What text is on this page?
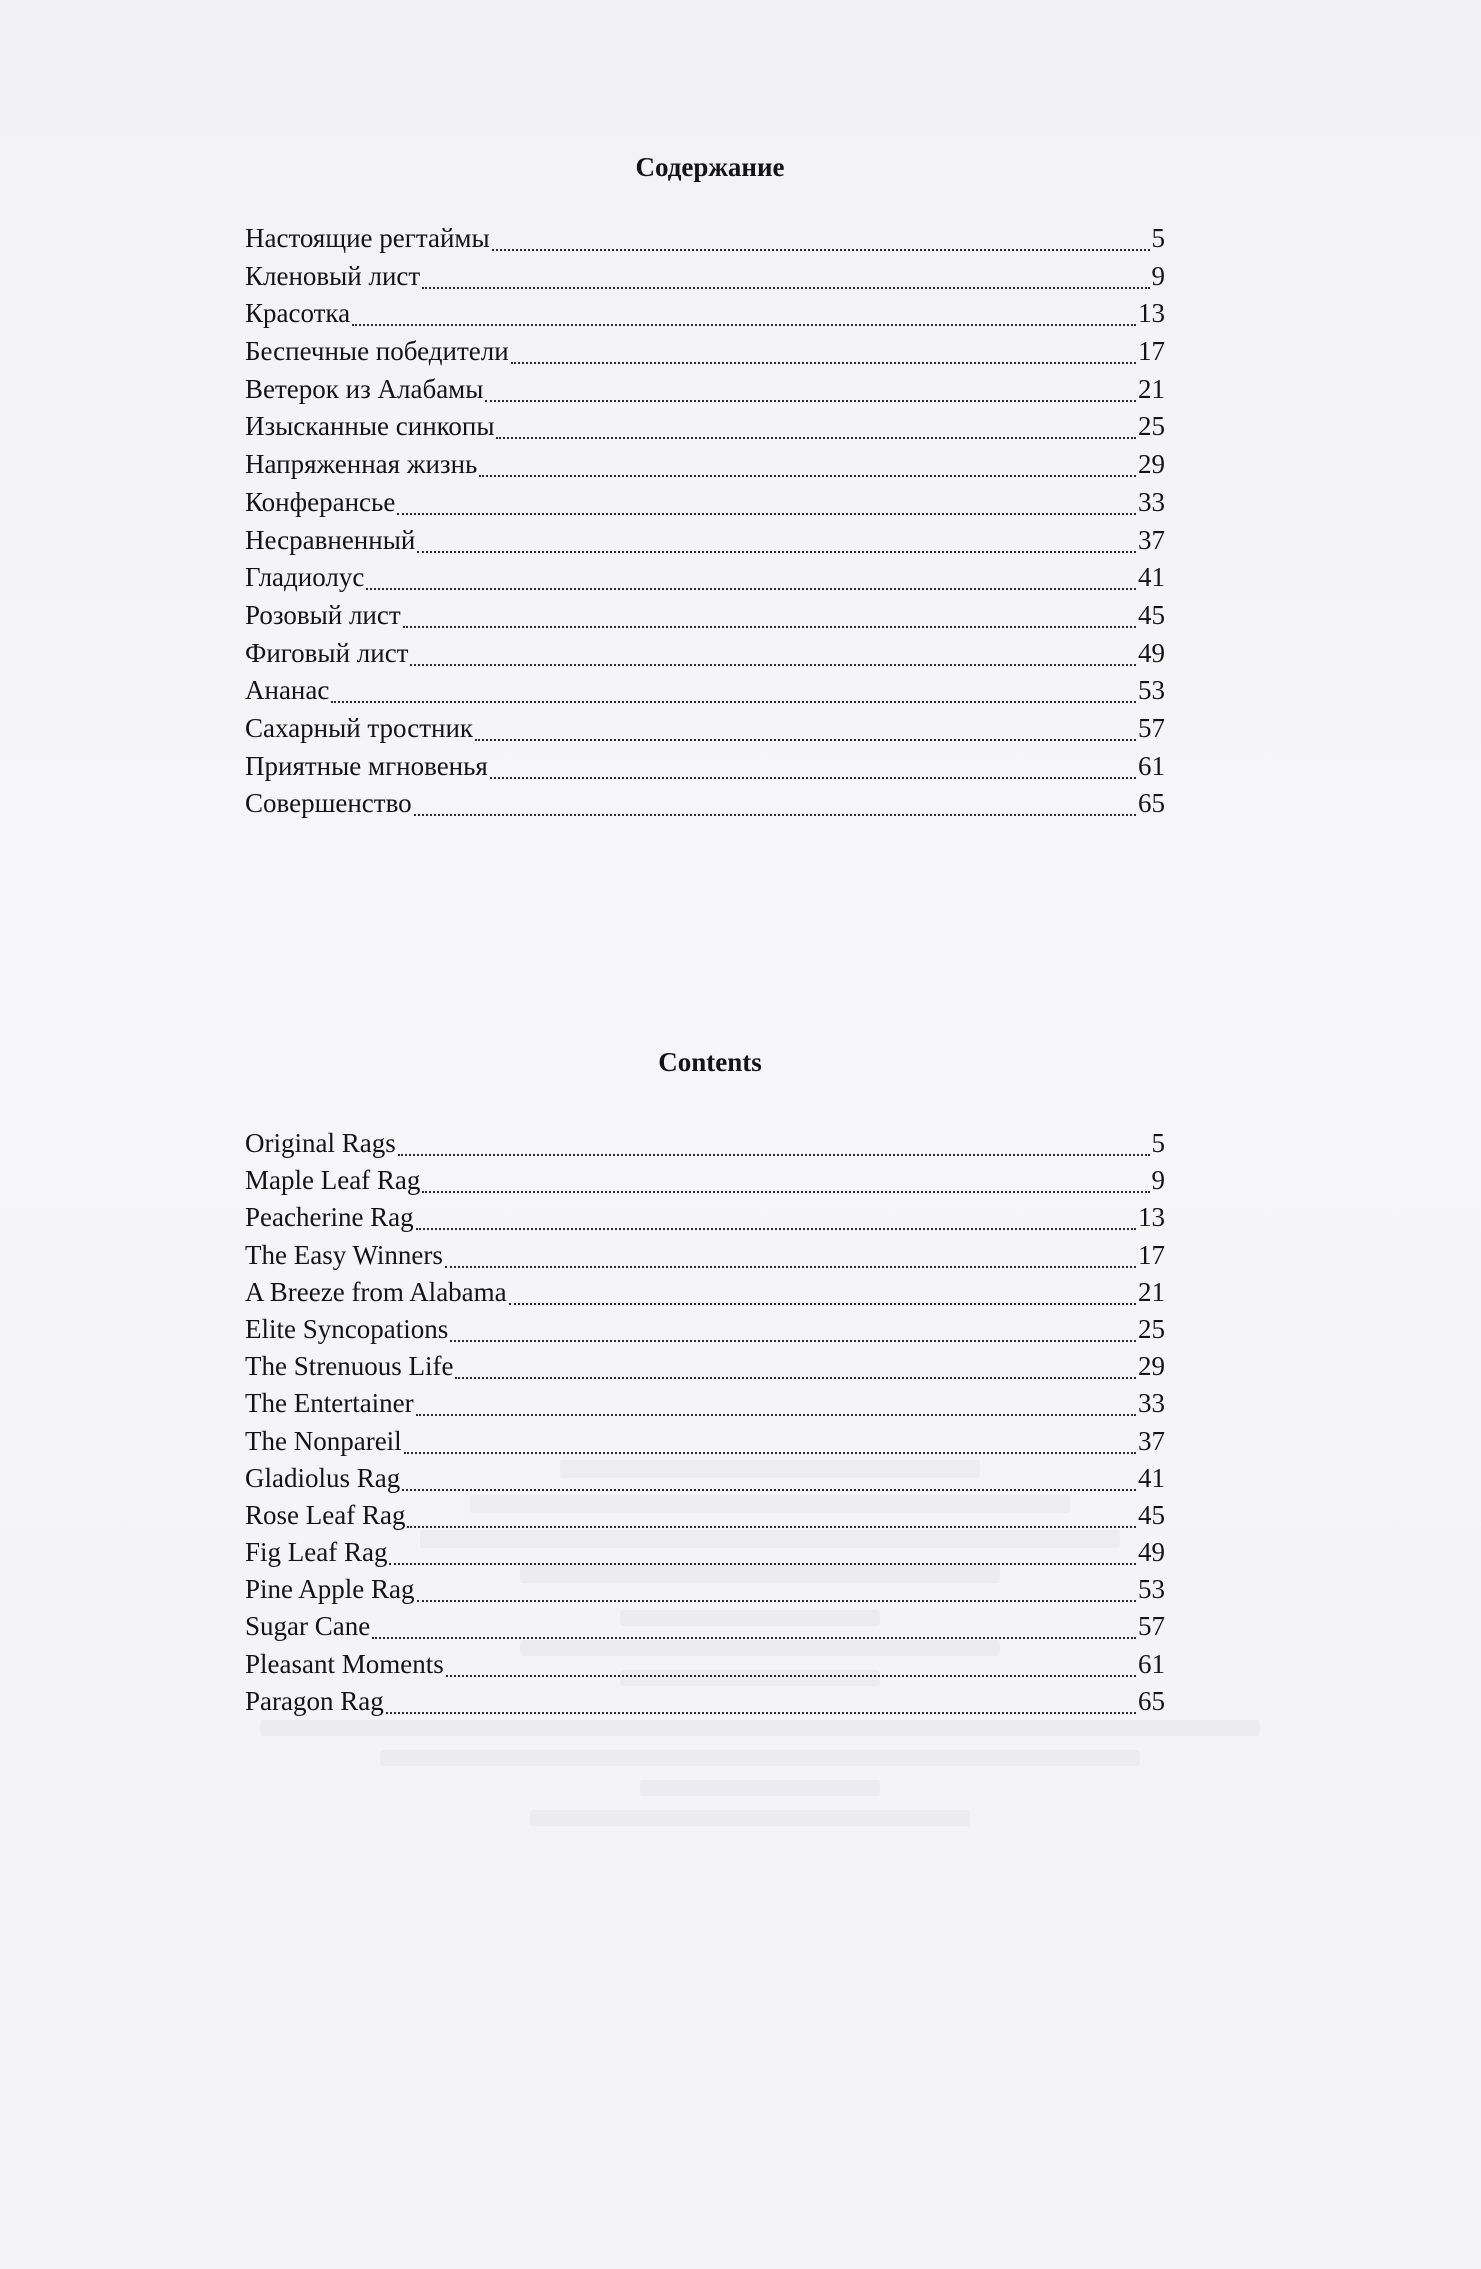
Содержание
Настоящие регтаймы	5
Кленовый лист	9
Красотка	13
Беспечные победители	17
Ветерок из Алабамы	21
Изысканные синкопы	25
Напряженная жизнь	29
Конферансье	33
Несравненный	37
Гладиолус	41
Розовый лист	45
Фиговый лист	49
Ананас	53
Сахарный тростник	57
Приятные мгновенья	61
Совершенство	65
Contents
Original Rags	5
Maple Leaf Rag	9
Peacherine Rag	13
The Easy Winners	17
A Breeze from Alabama	21
Elite Syncopations	25
The Strenuous Life	29
The Entertainer	33
The Nonpareil	37
Gladiolus Rag	41
Rose Leaf Rag	45
Fig Leaf Rag	49
Pine Apple Rag	53
Sugar Cane	57
Pleasant Moments	61
Paragon Rag	65
